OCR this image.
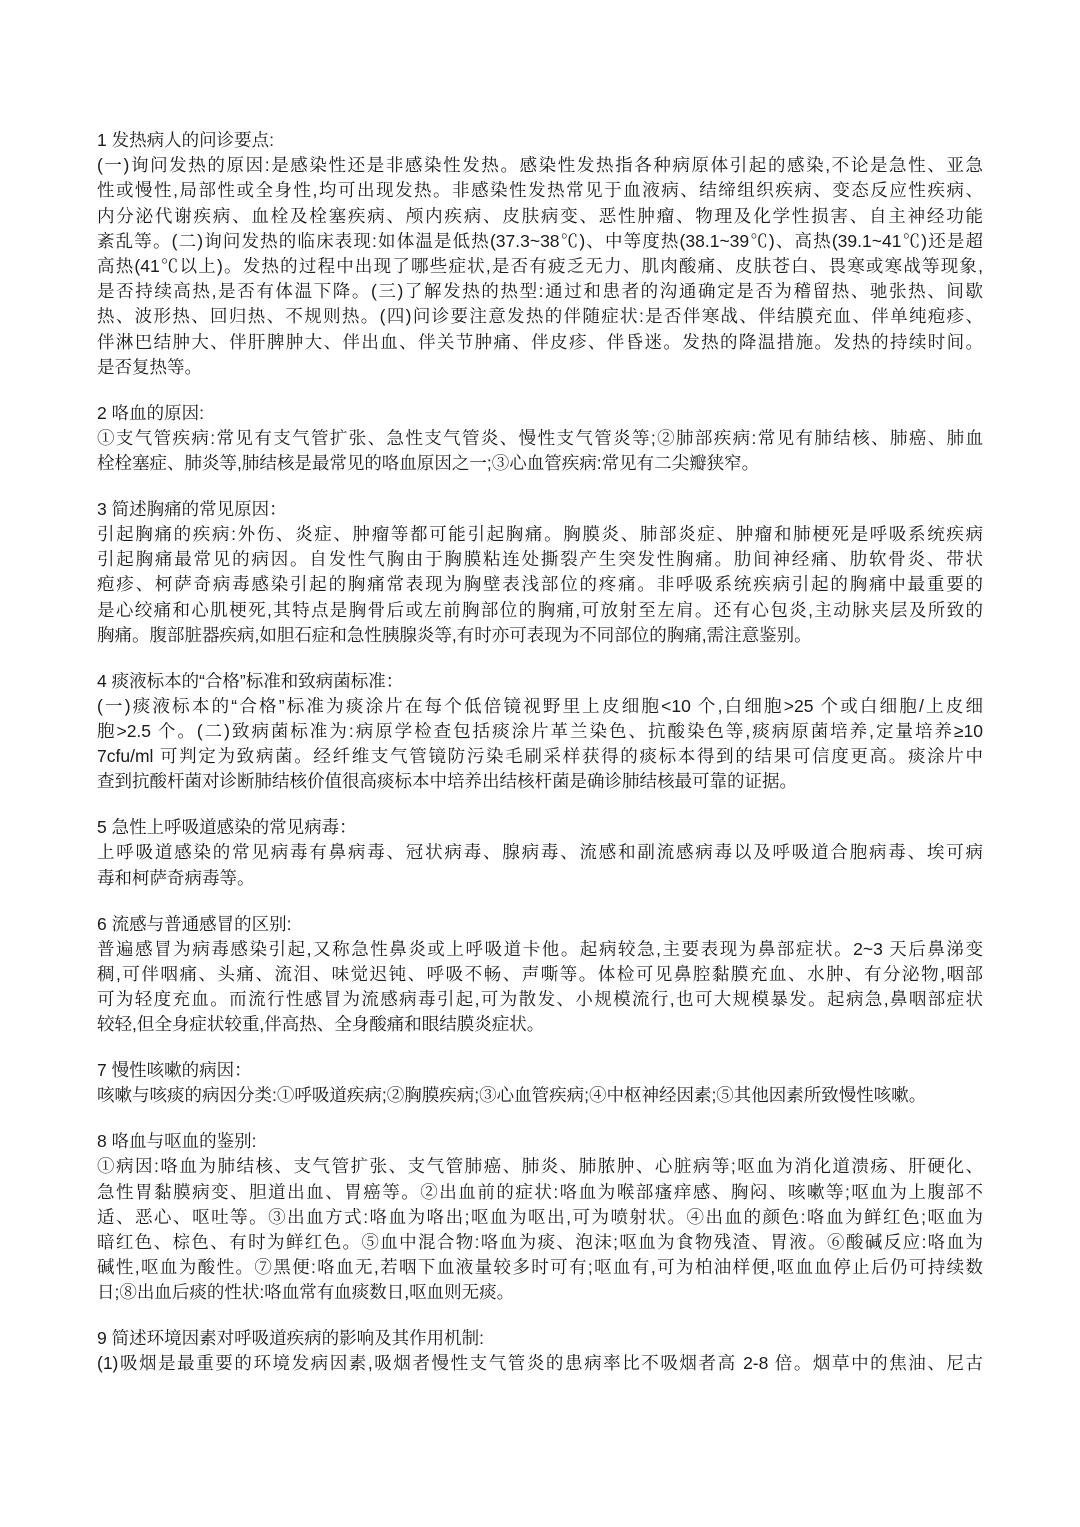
1 发热病人的问诊要点:
(一)询问发热的原因:是感染性还是非感染性发热。感染性发热指各种病原体引起的感染,不论是急性、亚急
性或慢性,局部性或全身性,均可出现发热。非感染性发热常见于血液病、结缔组织疾病、变态反应性疾病、
内分泌代谢疾病、血栓及栓塞疾病、颅内疾病、皮肤病变、恶性肿瘤、物理及化学性损害、自主神经功能
紊乱等。(二)询问发热的临床表现:如体温是低热(37.3~38℃)、中等度热(38.1~39℃)、高热(39.1~41℃)还是超
高热(41℃以上)。发热的过程中出现了哪些症状,是否有疲乏无力、肌肉酸痛、皮肤苍白、畏寒或寒战等现象,
是否持续高热,是否有体温下降。(三)了解发热的热型:通过和患者的沟通确定是否为稽留热、驰张热、间歇
热、波形热、回归热、不规则热。(四)问诊要注意发热的伴随症状:是否伴寒战、伴结膜充血、伴单纯疱疹、
伴淋巴结肿大、伴肝脾肿大、伴出血、伴关节肿痛、伴皮疹、伴昏迷。发热的降温措施。发热的持续时间。
是否复热等。
2 咯血的原因:
①支气管疾病:常见有支气管扩张、急性支气管炎、慢性支气管炎等;②肺部疾病:常见有肺结核、肺癌、肺血
栓栓塞症、肺炎等,肺结核是最常见的咯血原因之一;③心血管疾病:常见有二尖瓣狭窄。
3 简述胸痛的常见原因：
引起胸痛的疾病:外伤、炎症、肿瘤等都可能引起胸痛。胸膜炎、肺部炎症、肿瘤和肺梗死是呼吸系统疾病
引起胸痛最常见的病因。自发性气胸由于胸膜粘连处撕裂产生突发性胸痛。肋间神经痛、肋软骨炎、带状
疱疹、柯萨奇病毒感染引起的胸痛常表现为胸壁表浅部位的疼痛。非呼吸系统疾病引起的胸痛中最重要的
是心绞痛和心肌梗死,其特点是胸骨后或左前胸部位的胸痛,可放射至左肩。还有心包炎,主动脉夹层及所致的
胸痛。腹部脏器疾病,如胆石症和急性胰腺炎等,有时亦可表现为不同部位的胸痛,需注意鉴别。
4 痰液标本的“合格”标准和致病菌标准：
(一)痰液标本的“合格”标准为痰涂片在每个低倍镜视野里上皮细胞<10 个,白细胞>25 个或白细胞/上皮细
胞>2.5 个。(二)致病菌标准为:病原学检查包括痰涂片革兰染色、抗酸染色等,痰病原菌培养,定量培养≥10
7cfu/ml 可判定为致病菌。经纤维支气管镜防污染毛刷采样获得的痰标本得到的结果可信度更高。痰涂片中
查到抗酸杆菌对诊断肺结核价值很高痰标本中培养出结核杆菌是确诊肺结核最可靠的证据。
5 急性上呼吸道感染的常见病毒：
上呼吸道感染的常见病毒有鼻病毒、冠状病毒、腺病毒、流感和副流感病毒以及呼吸道合胞病毒、埃可病
毒和柯萨奇病毒等。
6 流感与普通感冒的区别:
普遍感冒为病毒感染引起,又称急性鼻炎或上呼吸道卡他。起病较急,主要表现为鼻部症状。2~3 天后鼻涕变
稠,可伴咽痛、头痛、流泪、味觉迟钝、呼吸不畅、声嘶等。体检可见鼻腔黏膜充血、水肿、有分泌物,咽部
可为轻度充血。而流行性感冒为流感病毒引起,可为散发、小规模流行,也可大规模暴发。起病急,鼻咽部症状
较轻,但全身症状较重,伴高热、全身酸痛和眼结膜炎症状。
7 慢性咳嗽的病因：
咳嗽与咳痰的病因分类:①呼吸道疾病;②胸膜疾病;③心血管疾病;④中枢神经因素;⑤其他因素所致慢性咳嗽。
8 咯血与呕血的鉴别:
①病因:咯血为肺结核、支气管扩张、支气管肺癌、肺炎、肺脓肿、心脏病等;呕血为消化道溃疡、肝硬化、
急性胃黏膜病变、胆道出血、胃癌等。②出血前的症状:咯血为喉部瘙痒感、胸闷、咳嗽等;呕血为上腹部不
适、恶心、呕吐等。③出血方式:咯血为咯出;呕血为呕出,可为喷射状。④出血的颜色:咯血为鲜红色;呕血为
暗红色、棕色、有时为鲜红色。⑤血中混合物:咯血为痰、泡沫;呕血为食物残渣、胃液。⑥酸碱反应:咯血为
碱性,呕血为酸性。⑦黑便:咯血无,若咽下血液量较多时可有;呕血有,可为柏油样便,呕血血停止后仍可持续数
日;⑧出血后痰的性状:咯血常有血痰数日,呕血则无痰。
9 简述环境因素对呼吸道疾病的影响及其作用机制:
(1)吸烟是最重要的环境发病因素,吸烟者慢性支气管炎的患病率比不吸烟者高 2-8 倍。烟草中的焦油、尼古
